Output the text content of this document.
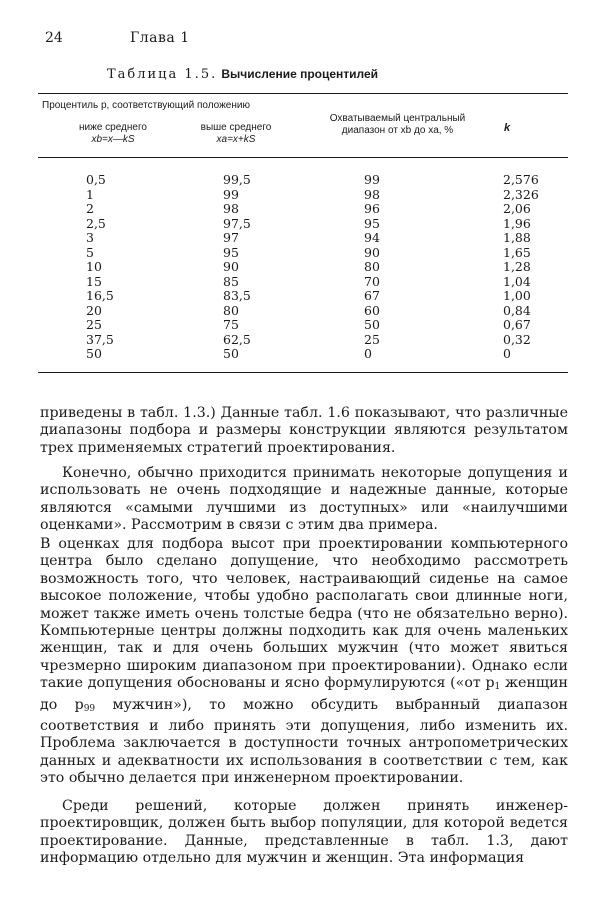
24	Глава 1
Таблица 1.5. Вычисление процентилей
Процентиль p, соответствующий положению
ниже среднего
xb=x—kS
выше среднего
xa=x+kS
Охватываемый центральный
диапазон от xb до xa, %	k
0,5
1
2
2,5
3
5
10
15
16,5
20
25
37,5
50
99,5
99
98
97,5
97
95
90
85
83,5
80
75
62,5
50
99
98
96
95
94
90
80
70
67
60
50
25
0
2,576
2,326
2,06
1,96
1,88
1,65
1,28
1,04
1,00
0,84
0,67
0,32
0
приведены в табл. 1.3.) Данные табл. 1.6 показывают, что различные диапазоны подбора и размеры конструкции являются результатом трех применяемых стратегий проектирования.
Конечно, обычно приходится принимать некоторые допущения и использовать не очень подходящие и надежные данные, которые являются «самыми лучшими из доступных» или «наилучшими оценками». Рассмотрим в связи с этим два примера.
В оценках для подбора высот при проектировании компьютерного центра было сделано допущение, что необходимо рассмотреть возможность того, что человек, настраивающий сиденье на самое высокое положение, чтобы удобно располагать свои длинные ноги, может также иметь очень толстые бедра (что не обязательно верно). Компьютерные центры должны подходить как для очень маленьких женщин, так и для очень больших мужчин (что может явиться чрезмерно широким диапазоном при проектировании). Однако если такие допущения обоснованы и ясно формулируются («от $p_1$ женщин до $p_{99}$ мужчин»), то можно обсудить выбранный диапазон соответствия и либо принять эти допущения, либо изменить их. Проблема заключается в доступности точных антропометрических данных и адекватности их использования в соответствии с тем, как это обычно делается при инженерном проектировании.
Среди решений, которые должен принять инженер-проектировщик, должен быть выбор популяции, для которой ведется проектирование. Данные, представленные в табл. 1.3, дают информацию отдельно для мужчин и женщин. Эта информация
